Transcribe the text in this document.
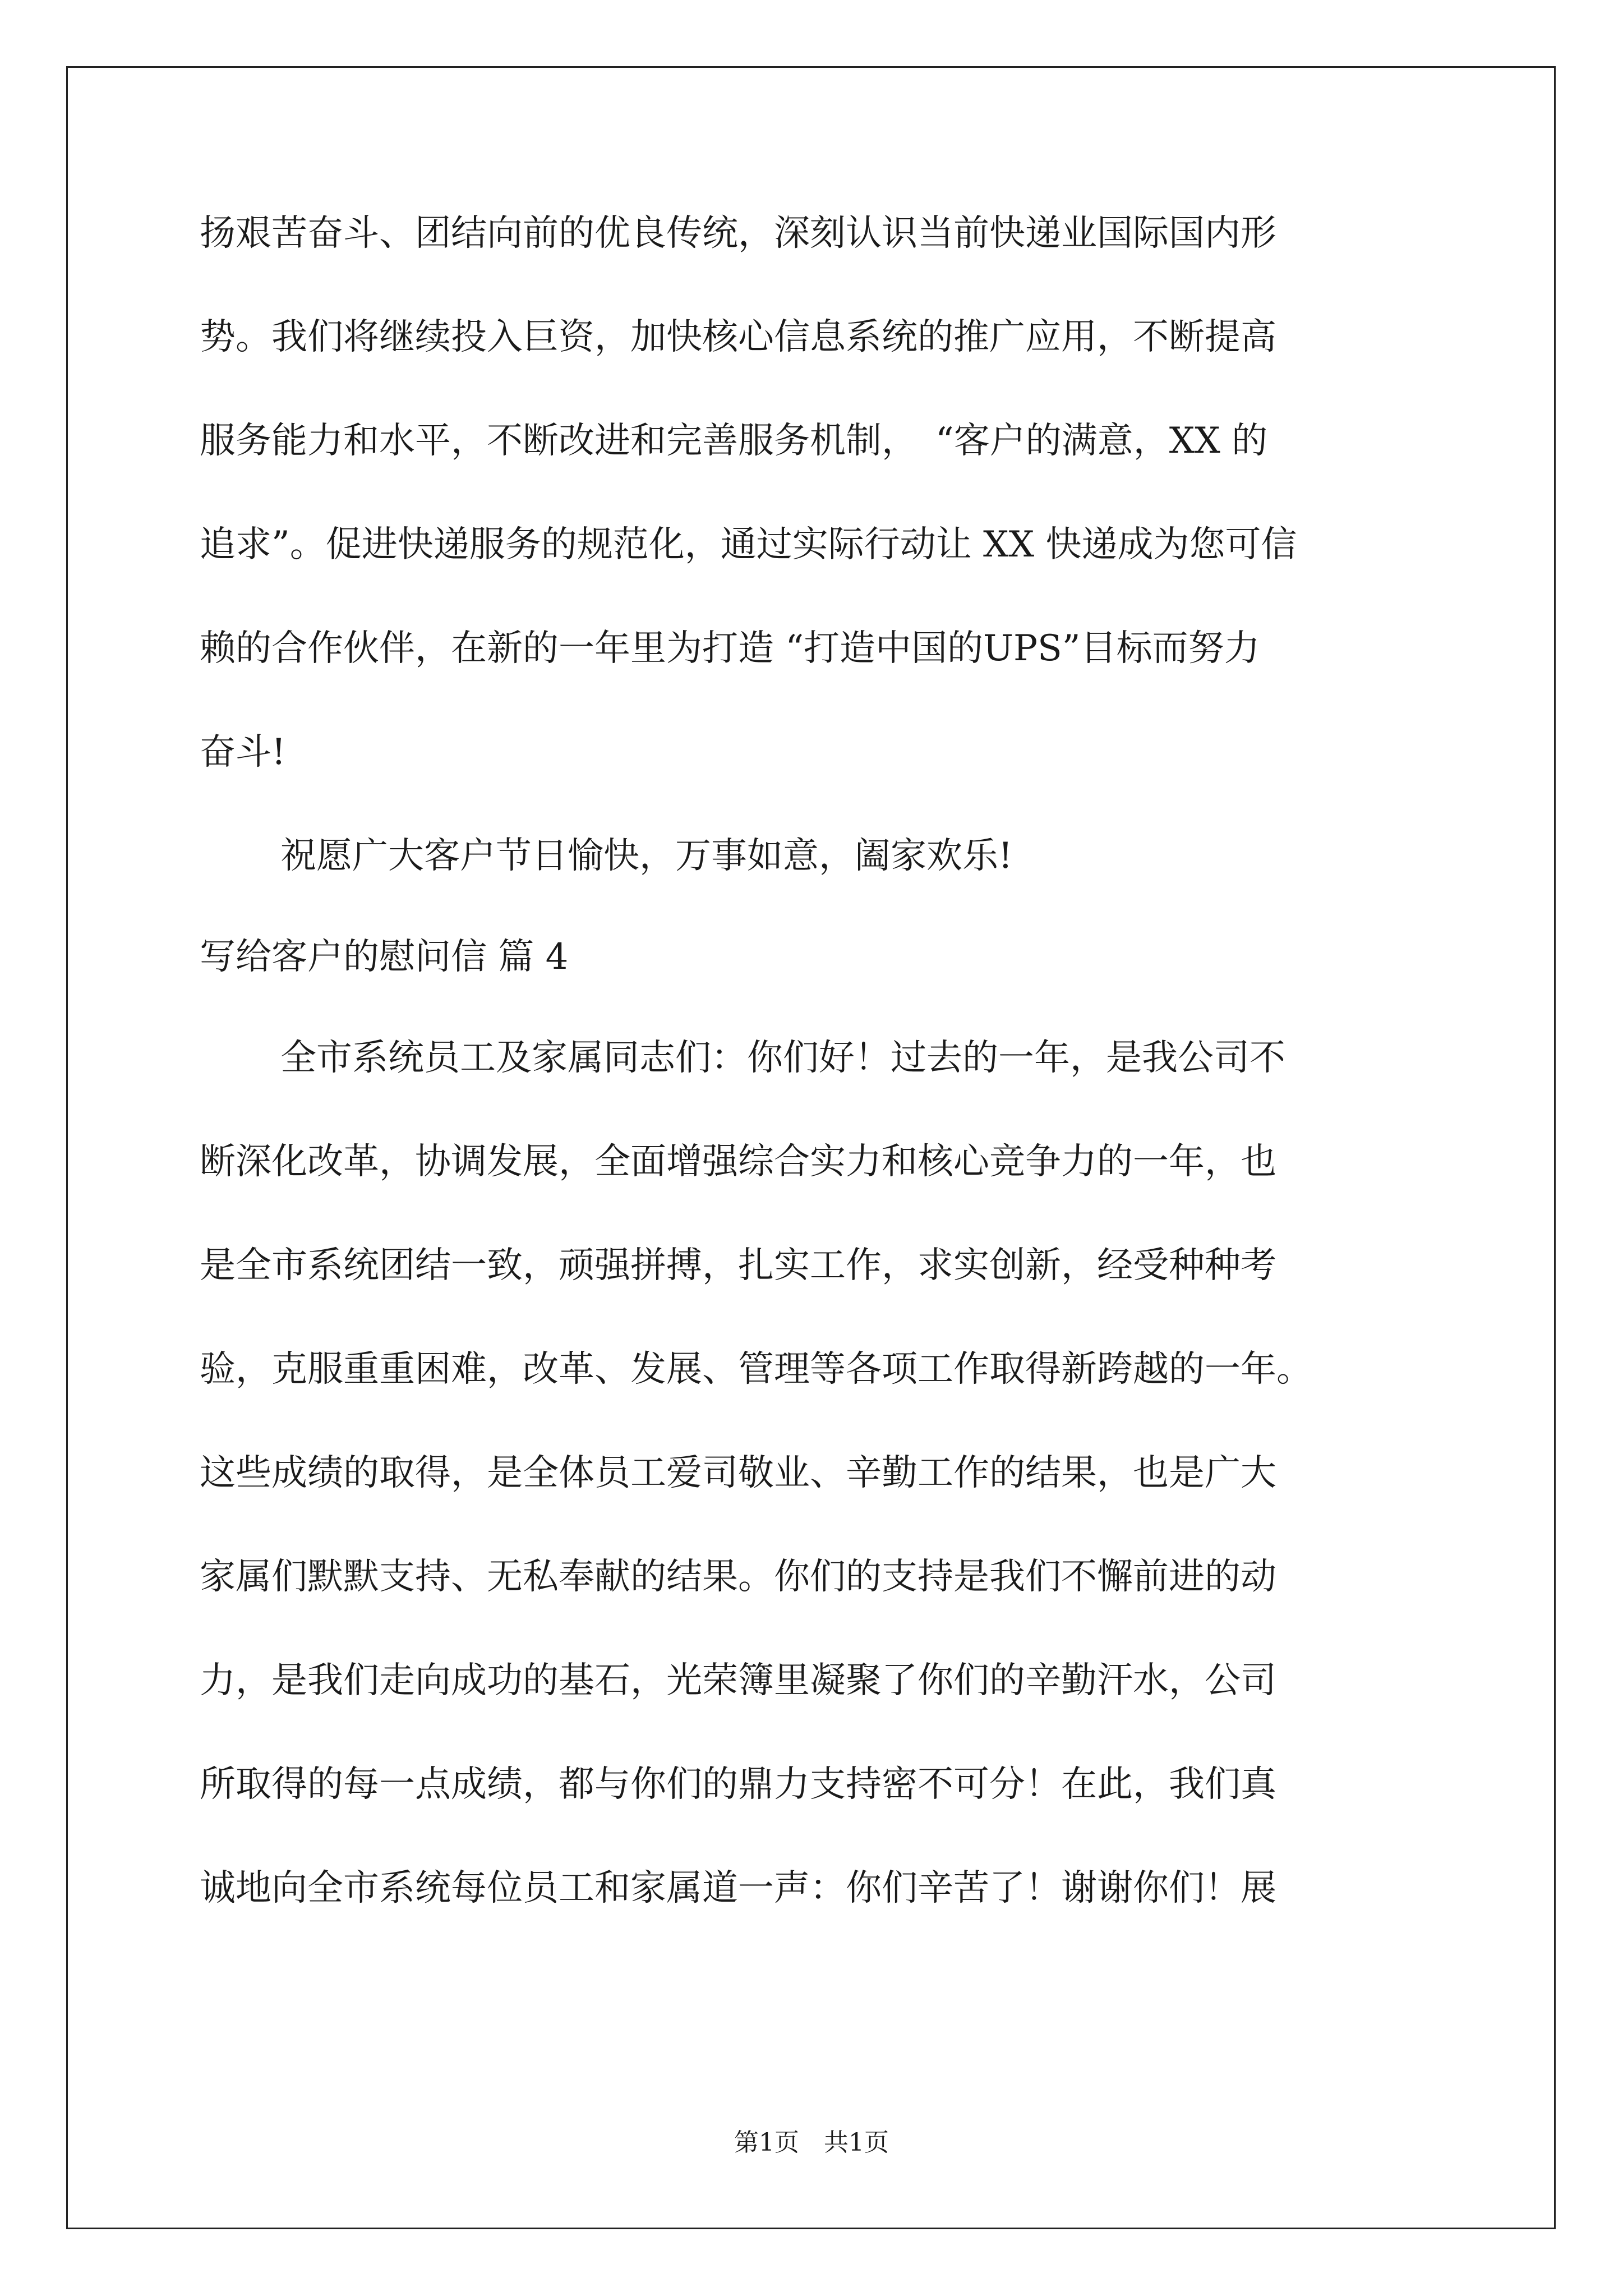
扬艰苦奋斗、团结向前的优良传统，深刻认识当前快递业国际国内形
势。我们将继续投入巨资，加快核心信息系统的推广应用，不断提高
服务能力和水平，不断改进和完善服务机制，　“客户的满意，XX 的
追求”。促进快递服务的规范化，通过实际行动让 XX 快递成为您可信
赖的合作伙伴，在新的一年里为打造 “打造中国的UPS”目标而努力
奋斗!
祝愿广大客户节日愉快，万事如意，阖家欢乐!
写给客户的慰问信 篇 4
全市系统员工及家属同志们：你们好！过去的一年，是我公司不
断深化改革，协调发展，全面增强综合实力和核心竞争力的一年，也
是全市系统团结一致，顽强拼搏，扎实工作，求实创新，经受种种考
验，克服重重困难，改革、发展、管理等各项工作取得新跨越的一年。
这些成绩的取得，是全体员工爱司敬业、辛勤工作的结果，也是广大
家属们默默支持、无私奉献的结果。你们的支持是我们不懈前进的动
力，是我们走向成功的基石，光荣簿里凝聚了你们的辛勤汗水，公司
所取得的每一点成绩，都与你们的鼎力支持密不可分！在此，我们真
诚地向全市系统每位员工和家属道一声：你们辛苦了！谢谢你们！展
第1页　共1页
